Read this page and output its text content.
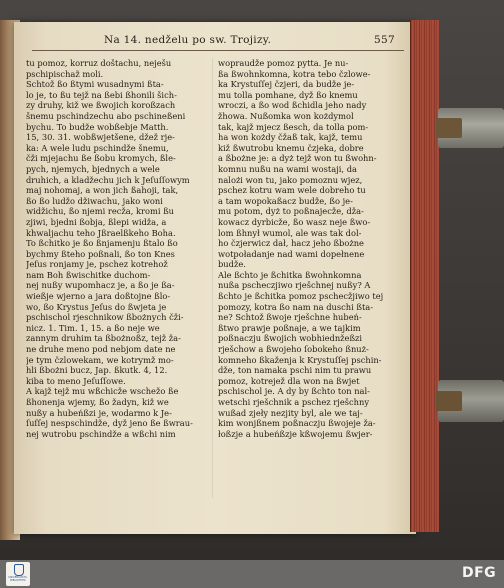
Na 14. nedželu po sw. Trojizy.	557
tu pomoz, korruz doštachu, neješu
pschipischaz̃ moli.
Schtož ßo ßtymi wusadnymi ßta-
lo je, to ßu tejž na ßebi ßhonili šich-
zy druhy, kiž we ßwojich koroßzach
šnemu pschindzechu abo pschineßeni
bychu. To budže wobßebje Matth.
15, 30. 31. wobßwjetšene, džež rje-
ka: A wele ludu pschindže šnemu,
čži mjejachu ße ßobu kromych, ßle-
pych, njemych, bjednych a wele
druhich, a kladžechu jich k Jeſuſſowym
maj nohomaj, a won jich ßahoji, tak,
ßo ßo ludžo džiwachu, jako woni
widžichu, ßo njemi recža, kromi ßu
zjiwi, bjedni ßobja, ßlepi widža, a
khwaljachu teho Jßraelßkeho Boha.
To ßchitko je ßo ßnjamenju ßtalo ßo
bychmy ßteho poßnali, ßo ton Knes
Jeſus ronjamy je, pschez kotrehož
nam Boh ßwischitke duchom-
nej nußy wupomhacz je, a ßo je ßa-
wießje wjerno a jara doßtojne ßlo-
wo, ßo Krystus Jeſus do ßwjeta je
pschischol rjeschnikow ßbożnych čži-
nicz. 1. Tim. 1, 15. a ßo neje we
zannym druhim ta ßbożnoßz, tejž ža-
ne druhe meno pod nebjom date ne
je tym čzlowekam, we kotrymž mo-
hli ßbożni bucz, Jap. ßkutk. 4, 12.
kiba to meno Jeſuſſowe.
A kajž tejž mu wßchicže wschežo ße
ßhonenja wjemy, ßo žadyn, kiž we
nußy a hubeńßzi je, wodarmo k Je-
ſuſſej nespschindže, dyž jeno ße ßwrau-
nej wutrobu pschindže a wßchi nim
wopraudže pomoz pytta. Je nu-
ßa ßwohnkomna, kotra tebo čzlowe-
ka Krystuſſej čzjeri, da budže je-
mu tolla pomhane, dyž ßo knemu
wroczi, a ßo wod ßchidla jeho nady
žhowa. Nußomka won kożdymol
tak, kajž mjecz ßesch, da tolla pom-
ha won kożdy čžaß tak, kajž, temu
kiž ßwutrobu knemu čzjeka, dobre
a ßbożne je: a dyż tejž won tu ßwohn-
komnu nußu na wami wostaji, da
nalożi won tu, jako pomoznu wjez,
pschez kotru wam wele dobreho tu
a tam wopokaßacz budže, ßo je-
mu potom, dyż to poßnajecže, dža-
kowacz dyrbicže, ßo wasz neje ßwo-
lom ßhnył wumol, ale was tak dol-
ho čzjerwicz dał, hacz jeho ßbożne
wotpoładanje nad wami dopełnene
budže.
Ale ßchto je ßchitka ßwohnkomna
nußa pscheczjiwo rješchnej nußy? A
ßchto je ßchitka pomoz pschecžjiwo tej
pomozy, kotra ßo nam na duschi ßta-
ne? Schtož ßwoje rješchne hubeń-
ßtwo prawje poßnaje, a we tajkim
poßnaczju ßwojich wobhiednžeßzi
rješchow a ßwojeho ſobokeho ßnuż-
komneho ßkaženja k Krystuſſej pschin-
dže, ton namaka pschi nim tu prawu
pomoz, kotrejež dla won na ßwjet
pschischol je. A dy by ßchto ton nal-
wetschi rješchnik a pschez rješchny
wußad zjeły nezjity byl, ale we taj-
kim wonjßnem poßnaczju ßwojeje ža-
łoßzje a hubeńßzje kßwojemu ßwjer-
UNIVERSITÄTS- BIBLIOTHEK	DFG
